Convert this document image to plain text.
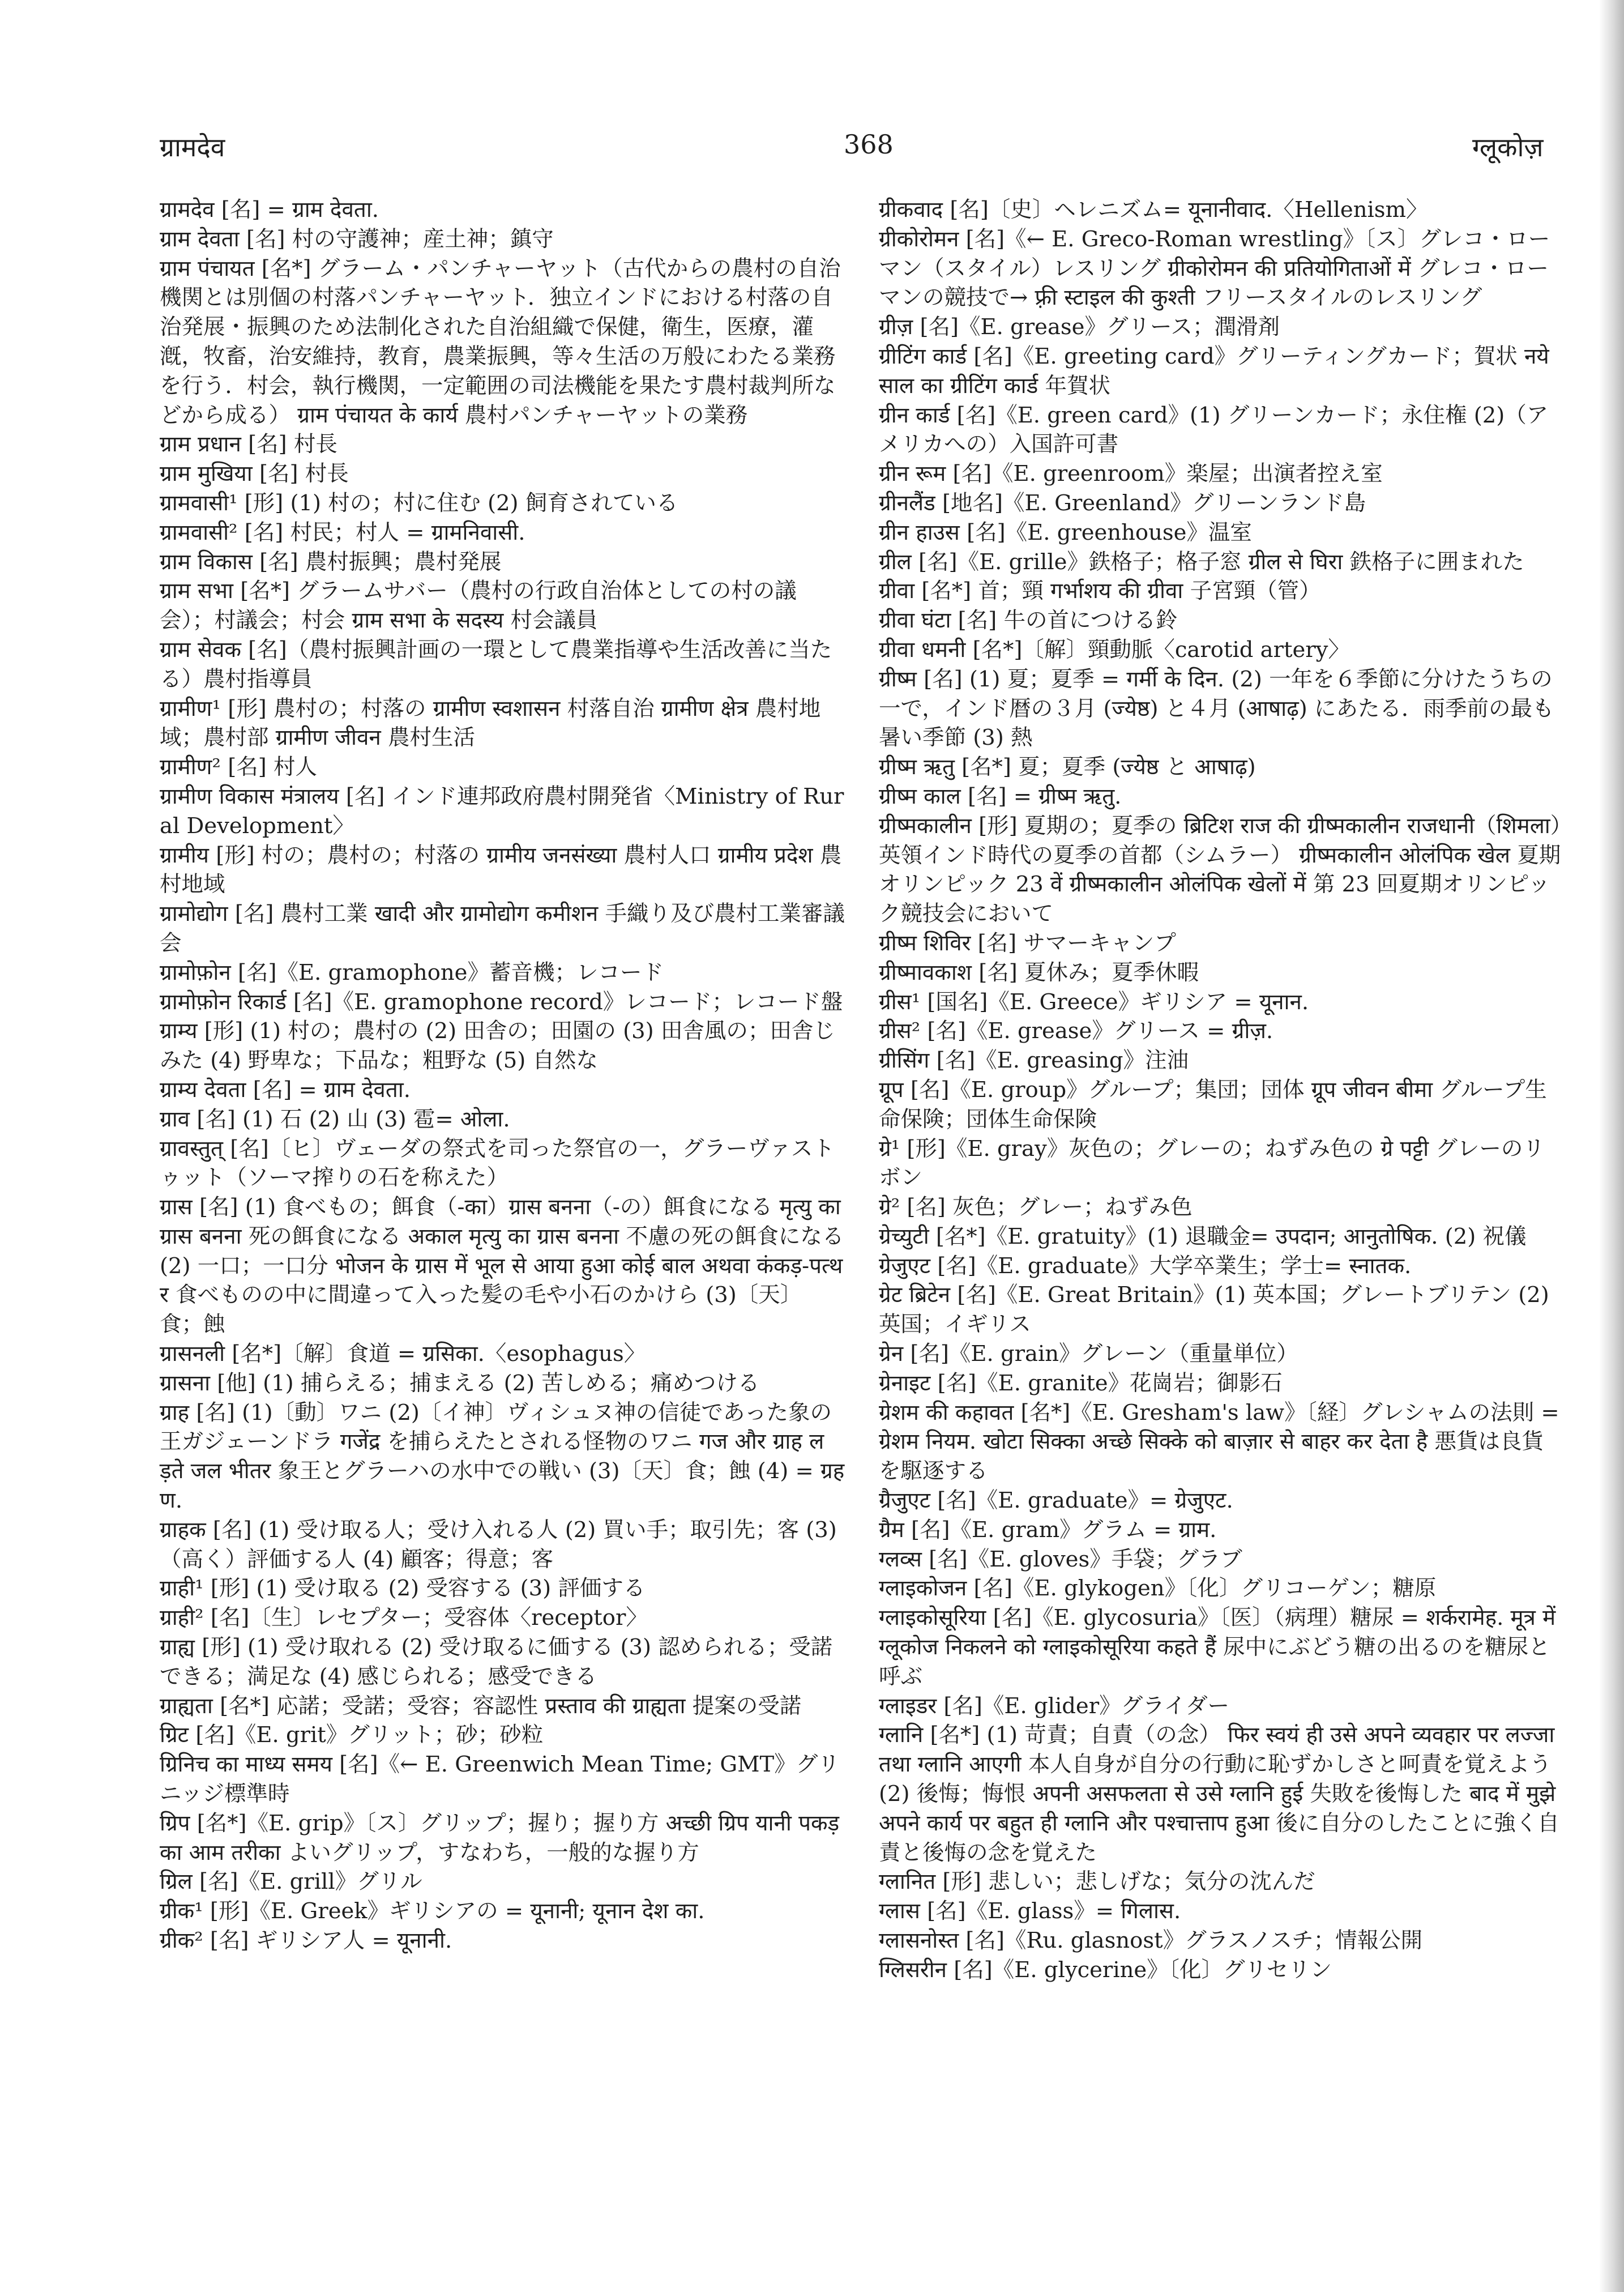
ग्रामदेव	368	ग्लूकोज़

ग्रामदेव [名] = ग्राम देवता.

ग्राम देवता [名] 村の守護神；産土神；鎮守

ग्राम पंचायत [名*] グラーム・パンチャーヤット（古代からの農村の自治機関とは別個の村落パンチャーヤット．独立インドにおける村落の自治発展・振興のため法制化された自治組織で保健，衛生，医療，灌漑，牧畜，治安維持，教育，農業振興，等々生活の万般にわたる業務を行う．村会，執行機関，一定範囲の司法機能を果たす農村裁判所などから成る） ग्राम पंचायत के कार्य 農村パンチャーヤットの業務

ग्राम प्रधान [名] 村長

ग्राम मुखिया [名] 村長

ग्रामवासी¹ [形] (1) 村の；村に住む (2) 飼育されている

ग्रामवासी² [名] 村民；村人 = ग्रामनिवासी.

ग्राम विकास [名] 農村振興；農村発展

ग्राम सभा [名*] グラームサバー（農村の行政自治体としての村の議会）；村議会；村会 ग्राम सभा के सदस्य 村会議員

ग्राम सेवक [名]（農村振興計画の一環として農業指導や生活改善に当たる）農村指導員

ग्रामीण¹ [形] 農村の；村落の ग्रामीण स्वशासन 村落自治 ग्रामीण क्षेत्र 農村地域；農村部 ग्रामीण जीवन 農村生活

ग्रामीण² [名] 村人

ग्रामीण विकास मंत्रालय [名] インド連邦政府農村開発省〈Ministry of Rural Development〉

ग्रामीय [形] 村の；農村の；村落の ग्रामीय जनसंख्या 農村人口 ग्रामीय प्रदेश 農村地域

ग्रामोद्योग [名] 農村工業 खादी और ग्रामोद्योग कमीशन 手織り及び農村工業審議会

ग्रामोफ़ोन [名]《E. gramophone》蓄音機；レコード

ग्रामोफ़ोन रिकार्ड [名]《E. gramophone record》レコード；レコード盤

ग्राम्य [形] (1) 村の；農村の (2) 田舎の；田園の (3) 田舎風の；田舎じみた (4) 野卑な；下品な；粗野な (5) 自然な

ग्राम्य देवता [名] = ग्राम देवता.

ग्राव [名] (1) 石 (2) 山 (3) 雹= ओला.

ग्रावस्तुत् [名]〔ヒ〕ヴェーダの祭式を司った祭官の一，グラーヴァストゥット（ソーマ搾りの石を称えた）

ग्रास [名] (1) 食べもの；餌食（-का）ग्रास बनना（-の）餌食になる मृत्यु का ग्रास बनना 死の餌食になる अकाल मृत्यु का ग्रास बनना 不慮の死の餌食になる (2) 一口；一口分 भोजन के ग्रास में भूल से आया हुआ कोई बाल अथवा कंकड़-पत्थर 食べものの中に間違って入った髪の毛や小石のかけら (3)〔天〕食；蝕

ग्रासनली [名*]〔解〕食道 = ग्रसिका.〈esophagus〉

ग्रासना [他] (1) 捕らえる；捕まえる (2) 苦しめる；痛めつける

ग्राह [名] (1)〔動〕ワニ (2)〔イ神〕ヴィシュヌ神の信徒であった象の王ガジェーンドラ गजेंद्र を捕らえたとされる怪物のワニ गज और ग्राह लड़ते जल भीतर 象王とグラーハの水中での戦い (3)〔天〕食；蝕 (4) = ग्रहण.

ग्राहक [名] (1) 受け取る人；受け入れる人 (2) 買い手；取引先；客 (3)（高く）評価する人 (4) 顧客；得意；客

ग्राही¹ [形] (1) 受け取る (2) 受容する (3) 評価する

ग्राही² [名]〔生〕レセプター；受容体〈receptor〉

ग्राह्य [形] (1) 受け取れる (2) 受け取るに価する (3) 認められる；受諾できる；満足な (4) 感じられる；感受できる

ग्राह्यता [名*] 応諾；受諾；受容；容認性 प्रस्ताव की ग्राह्यता 提案の受諾

ग्रिट [名]《E. grit》グリット；砂；砂粒

ग्रिनिच का माध्य समय [名]《← E. Greenwich Mean Time; GMT》グリニッジ標準時

ग्रिप [名*]《E. grip》〔ス〕グリップ；握り；握り方 अच्छी ग्रिप यानी पकड़ का आम तरीका よいグリップ，すなわち，一般的な握り方

ग्रिल [名]《E. grill》グリル

ग्रीक¹ [形]《E. Greek》ギリシアの = यूनानी; यूनान देश का.

ग्रीक² [名] ギリシア人 = यूनानी.

ग्रीकवाद [名]〔史〕ヘレニズム= यूनानीवाद.〈Hellenism〉

ग्रीकोरोमन [名]《← E. Greco-Roman wrestling》〔ス〕グレコ・ローマン（スタイル）レスリング ग्रीकोरोमन की प्रतियोगिताओं में グレコ・ローマンの競技で→ फ़्री स्टाइल की कुश्ती フリースタイルのレスリング

ग्रीज़ [名]《E. grease》グリース；潤滑剤

ग्रीटिंग कार्ड [名]《E. greeting card》グリーティングカード；賀状 नये साल का ग्रीटिंग कार्ड 年賀状

ग्रीन कार्ड [名]《E. green card》(1) グリーンカード；永住権 (2)（アメリカへの）入国許可書

ग्रीन रूम [名]《E. greenroom》楽屋；出演者控え室

ग्रीनलैंड [地名]《E. Greenland》グリーンランド島

ग्रीन हाउस [名]《E. greenhouse》温室

ग्रील [名]《E. grille》鉄格子；格子窓 ग्रील से घिरा 鉄格子に囲まれた

ग्रीवा [名*] 首；頸 गर्भाशय की ग्रीवा 子宮頸（管）

ग्रीवा घंटा [名] 牛の首につける鈴

ग्रीवा धमनी [名*]〔解〕頸動脈〈carotid artery〉

ग्रीष्म [名] (1) 夏；夏季 = गर्मी के दिन. (2) 一年を６季節に分けたうちの一で，インド暦の３月 (ज्येष्ठ) と４月 (आषाढ़) にあたる．雨季前の最も暑い季節 (3) 熱

ग्रीष्म ऋतु [名*] 夏；夏季 (ज्येष्ठ と आषाढ़)

ग्रीष्म काल [名] = ग्रीष्म ऋतु.

ग्रीष्मकालीन [形] 夏期の；夏季の ब्रिटिश राज की ग्रीष्मकालीन राजधानी（शिमला）英領インド時代の夏季の首都（シムラー） ग्रीष्मकालीन ओलंपिक खेल 夏期オリンピック 23 वें ग्रीष्मकालीन ओलंपिक खेलों में 第 23 回夏期オリンピック競技会において

ग्रीष्म शिविर [名] サマーキャンプ

ग्रीष्मावकाश [名] 夏休み；夏季休暇

ग्रीस¹ [国名]《E. Greece》ギリシア = यूनान.

ग्रीस² [名]《E. grease》グリース = ग्रीज़.

ग्रीसिंग [名]《E. greasing》注油

ग्रूप [名]《E. group》グループ；集団；団体 ग्रूप जीवन बीमा グループ生命保険；団体生命保険

ग्रे¹ [形]《E. gray》灰色の；グレーの；ねずみ色の ग्रे पट्टी グレーのリボン

ग्रे² [名] 灰色；グレー；ねずみ色

ग्रेच्युटी [名*]《E. gratuity》(1) 退職金= उपदान; आनुतोषिक. (2) 祝儀

ग्रेजुएट [名]《E. graduate》大学卒業生；学士= स्नातक.

ग्रेट ब्रिटेन [名]《E. Great Britain》(1) 英本国；グレートブリテン (2) 英国；イギリス

ग्रेन [名]《E. grain》グレーン（重量単位）

ग्रेनाइट [名]《E. granite》花崗岩；御影石

ग्रेशम की कहावत [名*]《E. Gresham's law》〔経〕グレシャムの法則 = ग्रेशम नियम. खोटा सिक्का अच्छे सिक्के को बाज़ार से बाहर कर देता है 悪貨は良貨を駆逐する

ग्रैजुएट [名]《E. graduate》= ग्रेजुएट.

ग्रैम [名]《E. gram》グラム = ग्राम.

ग्लव्स [名]《E. gloves》手袋；グラブ

ग्लाइकोजन [名]《E. glykogen》〔化〕グリコーゲン；糖原

ग्लाइकोसूरिया [名]《E. glycosuria》〔医〕（病理）糖尿 = शर्करामेह. मूत्र में ग्लूकोज निकलने को ग्लाइकोसूरिया कहते हैं 尿中にぶどう糖の出るのを糖尿と呼ぶ

ग्लाइडर [名]《E. glider》グライダー

ग्लानि [名*] (1) 苛責；自責（の念） फिर स्वयं ही उसे अपने व्यवहार पर लज्जा तथा ग्लानि आएगी 本人自身が自分の行動に恥ずかしさと呵責を覚えよう (2) 後悔；悔恨 अपनी असफलता से उसे ग्लानि हुई 失敗を後悔した बाद में मुझे अपने कार्य पर बहुत ही ग्लानि और पश्चात्ताप हुआ 後に自分のしたことに強く自責と後悔の念を覚えた

ग्लानित [形] 悲しい；悲しげな；気分の沈んだ

ग्लास [名]《E. glass》= गिलास.

ग्लासनोस्त [名]《Ru. glasnost》グラスノスチ；情報公開

ग्लिसरीन [名]《E. glycerine》〔化〕グリセリン
